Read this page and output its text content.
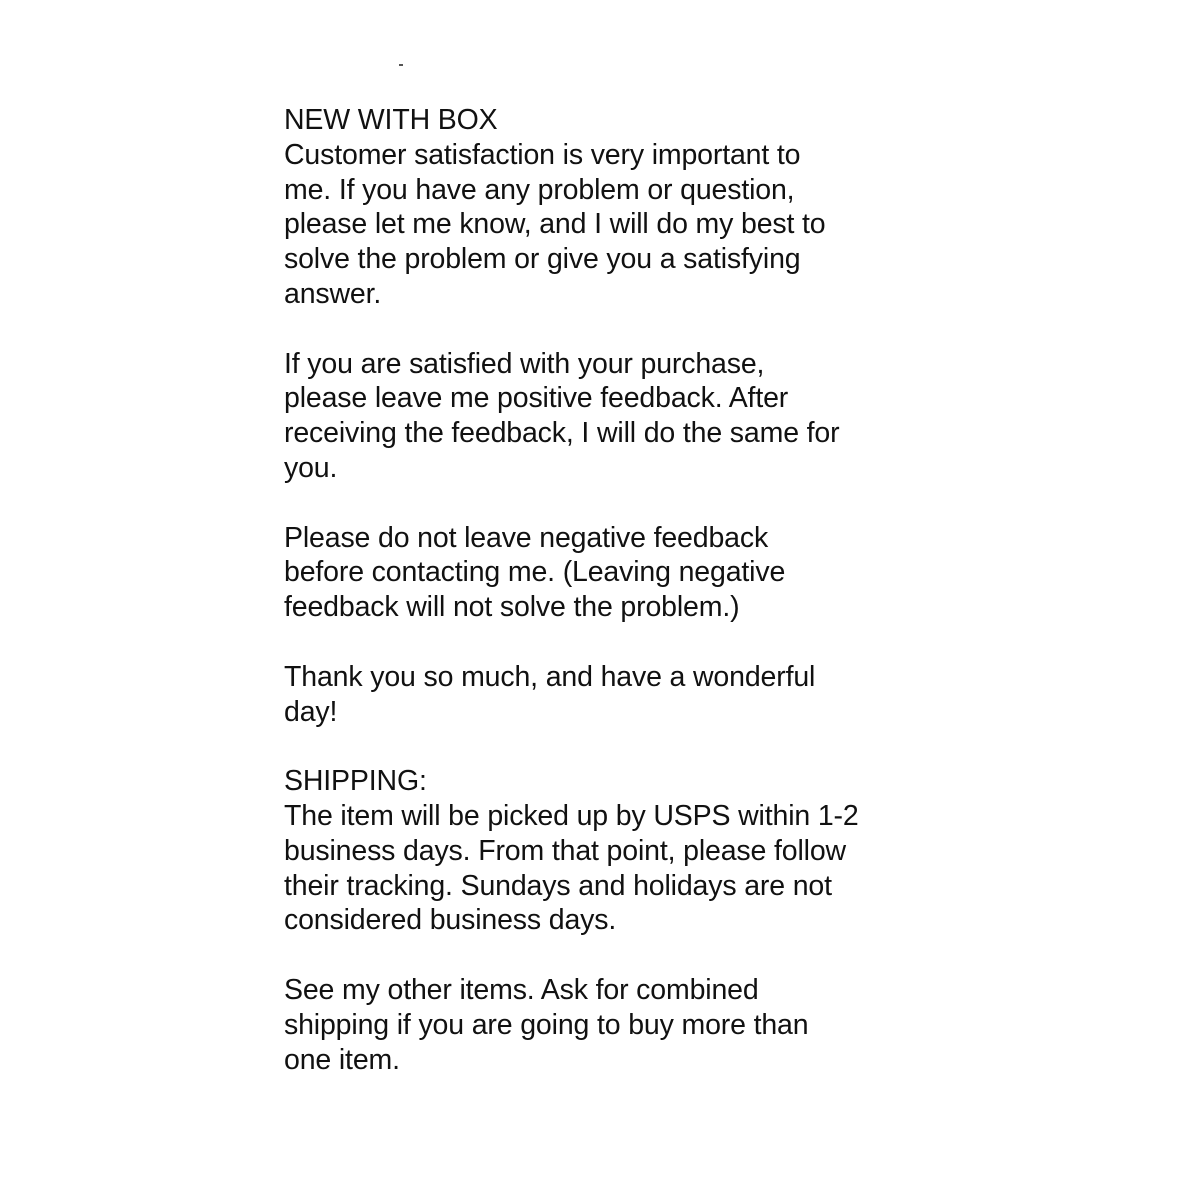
NEW WITH BOX
Customer satisfaction is very important to
me. If you have any problem or question,
please let me know, and I will do my best to
solve the problem or give you a satisfying
answer.
If you are satisfied with your purchase,
please leave me positive feedback. After
receiving the feedback, I will do the same for
you.
Please do not leave negative feedback
before contacting me. (Leaving negative
feedback will not solve the problem.)
Thank you so much, and have a wonderful
day!
SHIPPING:
The item will be picked up by USPS within 1-2
business days. From that point, please follow
their tracking. Sundays and holidays are not
considered business days.
See my other items. Ask for combined
shipping if you are going to buy more than
one item.
